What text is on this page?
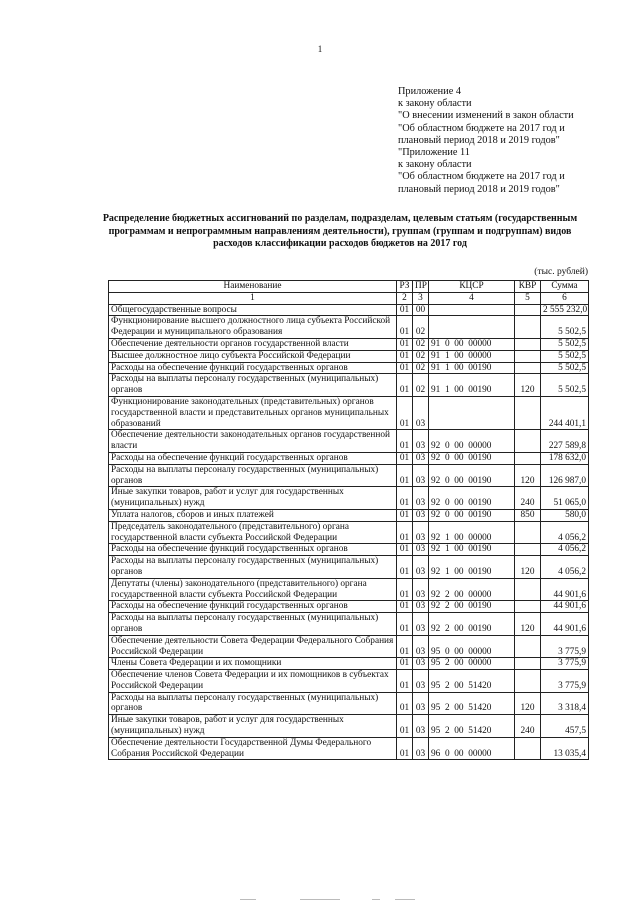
1
Приложение 4
к закону области
"О внесении изменений в закон области
"Об областном бюджете на 2017 год и
плановый период 2018 и 2019 годов"
"Приложение 11
к закону области
"Об областном бюджете на 2017 год и
плановый период 2018 и 2019 годов"
Распределение бюджетных ассигнований по разделам, подразделам, целевым статьям (государственным программам и непрограммным направлениям деятельности), группам (группам и подгруппам) видов расходов классификации расходов бюджетов на 2017 год
(тыс. рублей)
Наименование	РЗ	ПР	КЦСР	КВР	Сумма
1	2	3	4	5	6
Общегосударственные вопросы	01	00			2 555 232,0
Функционирование высшего должностного лица субъекта Российской Федерации и муниципального образования	01	02			5 502,5
Обеспечение деятельности органов государственной власти	01	02	91  0  00  00000		5 502,5
Высшее должностное лицо субъекта Российской Федерации	01	02	91  1  00  00000		5 502,5
Расходы на обеспечение функций государственных органов	01	02	91  1  00  00190		5 502,5
Расходы на выплаты персоналу государственных (муниципальных) органов	01	02	91  1  00  00190	120	5 502,5
Функционирование законодательных (представительных) органов государственной власти и представительных органов муниципальных образований	01	03			244 401,1
Обеспечение деятельности законодательных органов государственной власти	01	03	92  0  00  00000		227 589,8
Расходы на обеспечение функций государственных органов	01	03	92  0  00  00190		178 632,0
Расходы на выплаты персоналу государственных (муниципальных) органов	01	03	92  0  00  00190	120	126 987,0
Иные закупки товаров, работ и услуг для государственных (муниципальных) нужд	01	03	92  0  00  00190	240	51 065,0
Уплата налогов, сборов и иных платежей	01	03	92  0  00  00190	850	580,0
Председатель законодательного (представительного) органа государственной власти субъекта Российской Федерации	01	03	92  1  00  00000		4 056,2
Расходы на обеспечение функций государственных органов	01	03	92  1  00  00190		4 056,2
Расходы на выплаты персоналу государственных (муниципальных) органов	01	03	92  1  00  00190	120	4 056,2
Депутаты (члены) законодательного (представительного) органа государственной власти субъекта Российской Федерации	01	03	92  2  00  00000		44 901,6
Расходы на обеспечение функций государственных органов	01	03	92  2  00  00190		44 901,6
Расходы на выплаты персоналу государственных (муниципальных) органов	01	03	92  2  00  00190	120	44 901,6
Обеспечение деятельности Совета Федерации Федерального Собрания Российской Федерации	01	03	95  0  00  00000		3 775,9
Члены Совета Федерации и их помощники	01	03	95  2  00  00000		3 775,9
Обеспечение членов Совета Федерации и их помощников в субъектах Российской Федерации	01	03	95  2  00  51420		3 775,9
Расходы на выплаты персоналу государственных (муниципальных) органов	01	03	95  2  00  51420	120	3 318,4
Иные закупки товаров, работ и услуг для государственных (муниципальных) нужд	01	03	95  2  00  51420	240	457,5
Обеспечение деятельности Государственной Думы Федерального Собрания Российской Федерации	01	03	96  0  00  00000		13 035,4
